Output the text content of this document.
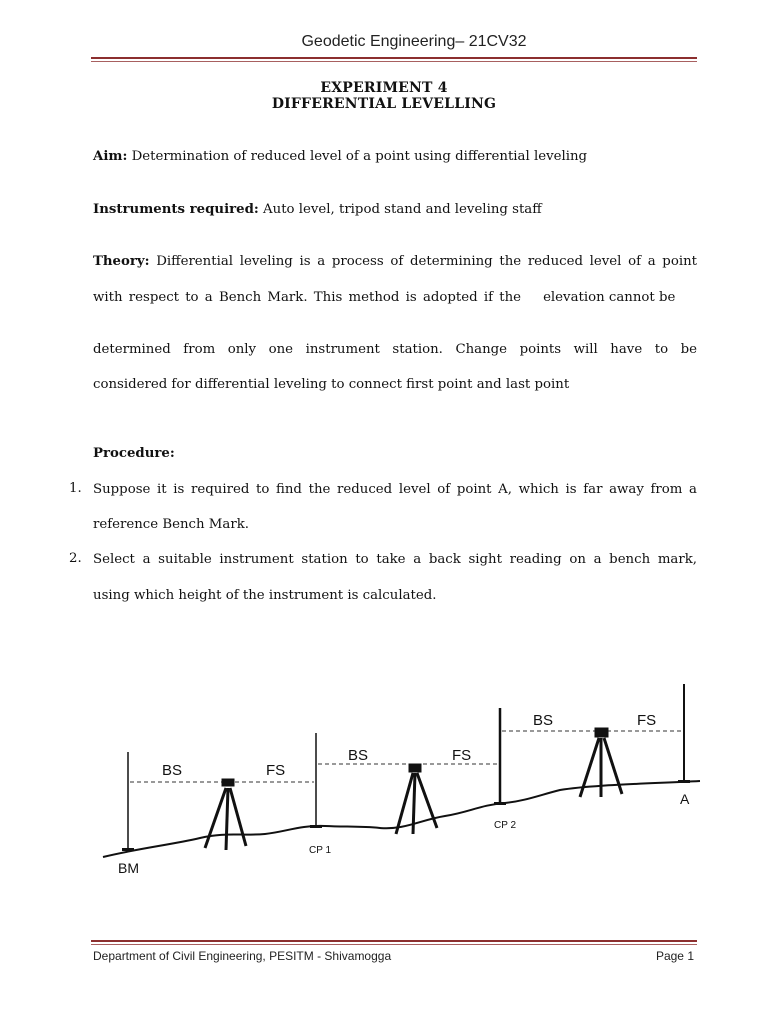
Geodetic Engineering– 21CV32
EXPERIMENT 4
DIFFERENTIAL LEVELLING
Aim: Determination of reduced level of a point using differential leveling
Instruments required: Auto level, tripod stand and leveling staff
Theory: Differential leveling is a process of determining the reduced level of a point
with respect to a Bench Mark. This method is adopted if the elevation cannot be
determined from only one instrument station. Change points will have to be
considered for differential leveling to connect first point and last point
Procedure:
1. Suppose it is required to find the reduced level of point A, which is far away from a
reference Bench Mark.
2. Select a suitable instrument station to take a back sight reading on a bench mark,
using which height of the instrument is calculated.
BS	FS
BS	FS
BS	FS
BM
CP 1
CP 2
A
Department of Civil Engineering, PESITM - Shivamogga	Page 1
